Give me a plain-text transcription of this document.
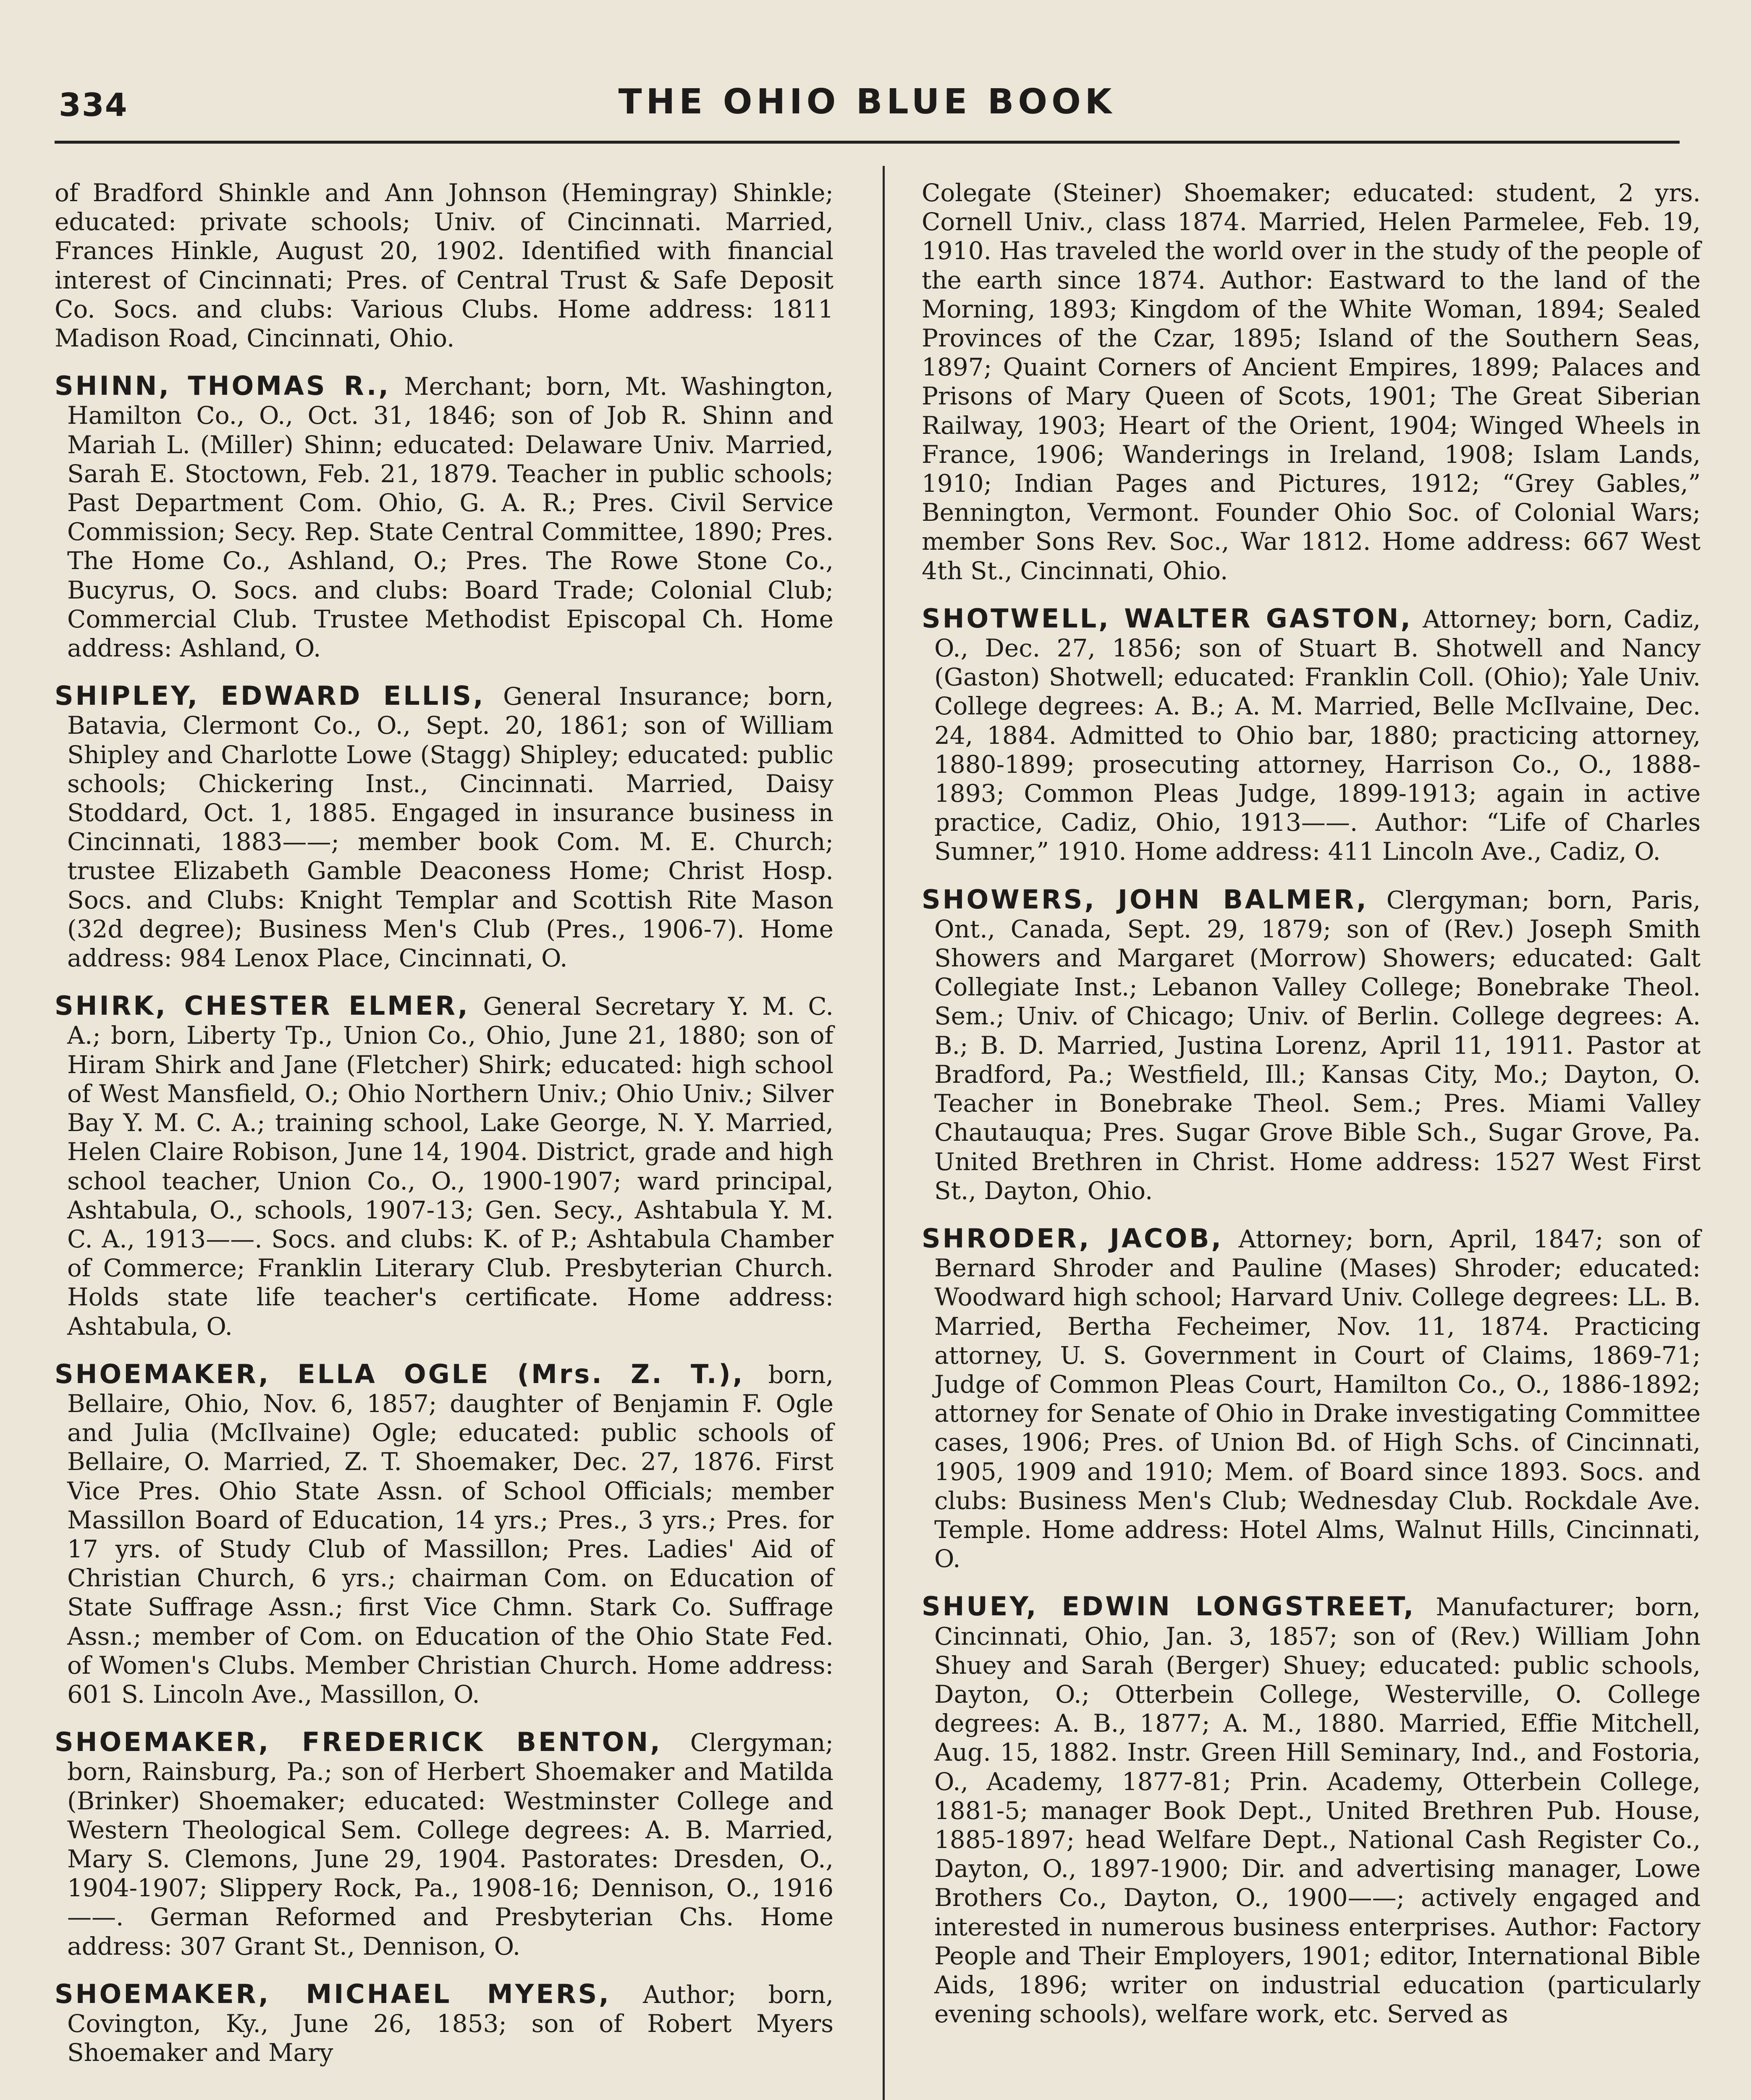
334	THE OHIO BLUE BOOK

of Bradford Shinkle and Ann Johnson (Hemingray) Shinkle; educated: private schools; Univ. of Cincinnati. Married, Frances Hinkle, August 20, 1902. Identified with financial interest of Cincinnati; Pres. of Central Trust & Safe Deposit Co. Socs. and clubs: Various Clubs. Home address: 1811 Madison Road, Cincinnati, Ohio.

SHINN, THOMAS R., Merchant; born, Mt. Washington, Hamilton Co., O., Oct. 31, 1846; son of Job R. Shinn and Mariah L. (Miller) Shinn; educated: Delaware Univ. Married, Sarah E. Stoctown, Feb. 21, 1879. Teacher in public schools; Past Department Com. Ohio, G. A. R.; Pres. Civil Service Commission; Secy. Rep. State Central Committee, 1890; Pres. The Home Co., Ashland, O.; Pres. The Rowe Stone Co., Bucyrus, O. Socs. and clubs: Board Trade; Colonial Club; Commercial Club. Trustee Methodist Episcopal Ch. Home address: Ashland, O.

SHIPLEY, EDWARD ELLIS, General Insurance; born, Batavia, Clermont Co., O., Sept. 20, 1861; son of William Shipley and Charlotte Lowe (Stagg) Shipley; educated: public schools; Chickering Inst., Cincinnati. Married, Daisy Stoddard, Oct. 1, 1885. Engaged in insurance business in Cincinnati, 1883——; member book Com. M. E. Church; trustee Elizabeth Gamble Deaconess Home; Christ Hosp. Socs. and Clubs: Knight Templar and Scottish Rite Mason (32d degree); Business Men's Club (Pres., 1906-7). Home address: 984 Lenox Place, Cincinnati, O.

SHIRK, CHESTER ELMER, General Secretary Y. M. C. A.; born, Liberty Tp., Union Co., Ohio, June 21, 1880; son of Hiram Shirk and Jane (Fletcher) Shirk; educated: high school of West Mansfield, O.; Ohio Northern Univ.; Ohio Univ.; Silver Bay Y. M. C. A.; training school, Lake George, N. Y. Married, Helen Claire Robison, June 14, 1904. District, grade and high school teacher, Union Co., O., 1900-1907; ward principal, Ashtabula, O., schools, 1907-13; Gen. Secy., Ashtabula Y. M. C. A., 1913——. Socs. and clubs: K. of P.; Ashtabula Chamber of Commerce; Franklin Literary Club. Presbyterian Church. Holds state life teacher's certificate. Home address: Ashtabula, O.

SHOEMAKER, ELLA OGLE (Mrs. Z. T.), born, Bellaire, Ohio, Nov. 6, 1857; daughter of Benjamin F. Ogle and Julia (McIlvaine) Ogle; educated: public schools of Bellaire, O. Married, Z. T. Shoemaker, Dec. 27, 1876. First Vice Pres. Ohio State Assn. of School Officials; member Massillon Board of Education, 14 yrs.; Pres., 3 yrs.; Pres. for 17 yrs. of Study Club of Massillon; Pres. Ladies' Aid of Christian Church, 6 yrs.; chairman Com. on Education of State Suffrage Assn.; first Vice Chmn. Stark Co. Suffrage Assn.; member of Com. on Education of the Ohio State Fed. of Women's Clubs. Member Christian Church. Home address: 601 S. Lincoln Ave., Massillon, O.

SHOEMAKER, FREDERICK BENTON, Clergyman; born, Rainsburg, Pa.; son of Herbert Shoemaker and Matilda (Brinker) Shoemaker; educated: Westminster College and Western Theological Sem. College degrees: A. B. Married, Mary S. Clemons, June 29, 1904. Pastorates: Dresden, O., 1904-1907; Slippery Rock, Pa., 1908-16; Dennison, O., 1916——. German Reformed and Presbyterian Chs. Home address: 307 Grant St., Dennison, O.

SHOEMAKER, MICHAEL MYERS, Author; born, Covington, Ky., June 26, 1853; son of Robert Myers Shoemaker and Mary

Colegate (Steiner) Shoemaker; educated: student, 2 yrs. Cornell Univ., class 1874. Married, Helen Parmelee, Feb. 19, 1910. Has traveled the world over in the study of the people of the earth since 1874. Author: Eastward to the land of the Morning, 1893; Kingdom of the White Woman, 1894; Sealed Provinces of the Czar, 1895; Island of the Southern Seas, 1897; Quaint Corners of Ancient Empires, 1899; Palaces and Prisons of Mary Queen of Scots, 1901; The Great Siberian Railway, 1903; Heart of the Orient, 1904; Winged Wheels in France, 1906; Wanderings in Ireland, 1908; Islam Lands, 1910; Indian Pages and Pictures, 1912; “Grey Gables,” Bennington, Vermont. Founder Ohio Soc. of Colonial Wars; member Sons Rev. Soc., War 1812. Home address: 667 West 4th St., Cincinnati, Ohio.

SHOTWELL, WALTER GASTON, Attorney; born, Cadiz, O., Dec. 27, 1856; son of Stuart B. Shotwell and Nancy (Gaston) Shotwell; educated: Franklin Coll. (Ohio); Yale Univ. College degrees: A. B.; A. M. Married, Belle McIlvaine, Dec. 24, 1884. Admitted to Ohio bar, 1880; practicing attorney, 1880-1899; prosecuting attorney, Harrison Co., O., 1888-1893; Common Pleas Judge, 1899-1913; again in active practice, Cadiz, Ohio, 1913——. Author: “Life of Charles Sumner,” 1910. Home address: 411 Lincoln Ave., Cadiz, O.

SHOWERS, JOHN BALMER, Clergyman; born, Paris, Ont., Canada, Sept. 29, 1879; son of (Rev.) Joseph Smith Showers and Margaret (Morrow) Showers; educated: Galt Collegiate Inst.; Lebanon Valley College; Bonebrake Theol. Sem.; Univ. of Chicago; Univ. of Berlin. College degrees: A. B.; B. D. Married, Justina Lorenz, April 11, 1911. Pastor at Bradford, Pa.; Westfield, Ill.; Kansas City, Mo.; Dayton, O. Teacher in Bonebrake Theol. Sem.; Pres. Miami Valley Chautauqua; Pres. Sugar Grove Bible Sch., Sugar Grove, Pa. United Brethren in Christ. Home address: 1527 West First St., Dayton, Ohio.

SHRODER, JACOB, Attorney; born, April, 1847; son of Bernard Shroder and Pauline (Mases) Shroder; educated: Woodward high school; Harvard Univ. College degrees: LL. B. Married, Bertha Fecheimer, Nov. 11, 1874. Practicing attorney, U. S. Government in Court of Claims, 1869-71; Judge of Common Pleas Court, Hamilton Co., O., 1886-1892; attorney for Senate of Ohio in Drake investigating Committee cases, 1906; Pres. of Union Bd. of High Schs. of Cincinnati, 1905, 1909 and 1910; Mem. of Board since 1893. Socs. and clubs: Business Men's Club; Wednesday Club. Rockdale Ave. Temple. Home address: Hotel Alms, Walnut Hills, Cincinnati, O.

SHUEY, EDWIN LONGSTREET, Manufacturer; born, Cincinnati, Ohio, Jan. 3, 1857; son of (Rev.) William John Shuey and Sarah (Berger) Shuey; educated: public schools, Dayton, O.; Otterbein College, Westerville, O. College degrees: A. B., 1877; A. M., 1880. Married, Effie Mitchell, Aug. 15, 1882. Instr. Green Hill Seminary, Ind., and Fostoria, O., Academy, 1877-81; Prin. Academy, Otterbein College, 1881-5; manager Book Dept., United Brethren Pub. House, 1885-1897; head Welfare Dept., National Cash Register Co., Dayton, O., 1897-1900; Dir. and advertising manager, Lowe Brothers Co., Dayton, O., 1900——; actively engaged and interested in numerous business enterprises. Author: Factory People and Their Employers, 1901; editor, International Bible Aids, 1896; writer on industrial education (particularly evening schools), welfare work, etc. Served as
